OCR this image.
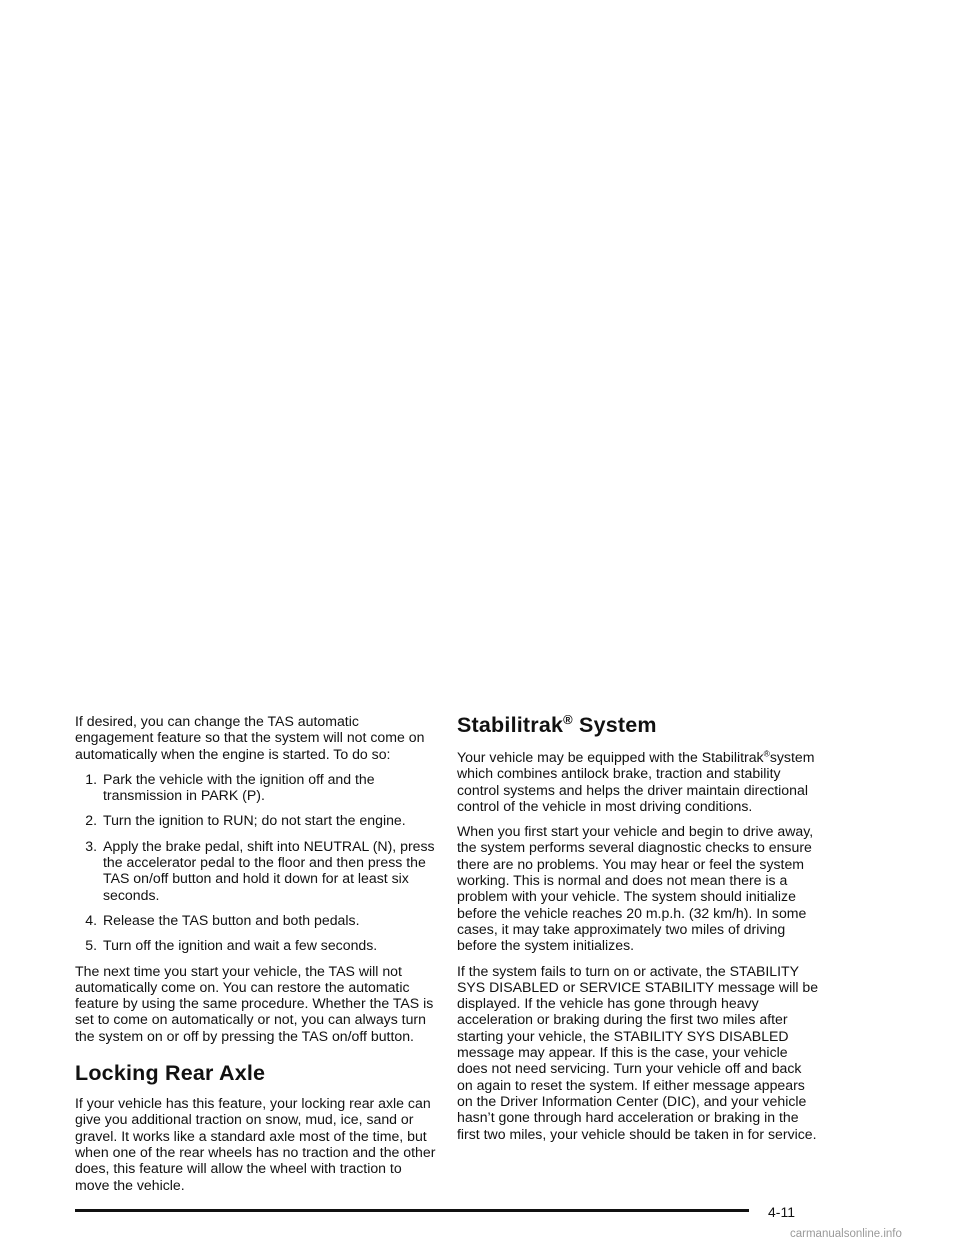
If desired, you can change the TAS automatic engagement feature so that the system will not come on automatically when the engine is started. To do so:

1. Park the vehicle with the ignition off and the transmission in PARK (P).
2. Turn the ignition to RUN; do not start the engine.
3. Apply the brake pedal, shift into NEUTRAL (N), press the accelerator pedal to the floor and then press the TAS on/off button and hold it down for at least six seconds.
4. Release the TAS button and both pedals.
5. Turn off the ignition and wait a few seconds.

The next time you start your vehicle, the TAS will not automatically come on. You can restore the automatic feature by using the same procedure. Whether the TAS is set to come on automatically or not, you can always turn the system on or off by pressing the TAS on/off button.

Locking Rear Axle

If your vehicle has this feature, your locking rear axle can give you additional traction on snow, mud, ice, sand or gravel. It works like a standard axle most of the time, but when one of the rear wheels has no traction and the other does, this feature will allow the wheel with traction to move the vehicle.

Stabilitrak® System

Your vehicle may be equipped with the Stabilitrak®system which combines antilock brake, traction and stability control systems and helps the driver maintain directional control of the vehicle in most driving conditions.

When you first start your vehicle and begin to drive away, the system performs several diagnostic checks to ensure there are no problems. You may hear or feel the system working. This is normal and does not mean there is a problem with your vehicle. The system should initialize before the vehicle reaches 20 m.p.h. (32 km/h). In some cases, it may take approximately two miles of driving before the system initializes.

If the system fails to turn on or activate, the STABILITY SYS DISABLED or SERVICE STABILITY message will be displayed. If the vehicle has gone through heavy acceleration or braking during the first two miles after starting your vehicle, the STABILITY SYS DISABLED message may appear. If this is the case, your vehicle does not need servicing. Turn your vehicle off and back on again to reset the system. If either message appears on the Driver Information Center (DIC), and your vehicle hasn’t gone through hard acceleration or braking in the first two miles, your vehicle should be taken in for service.

4-11
carmanualsonline.info
